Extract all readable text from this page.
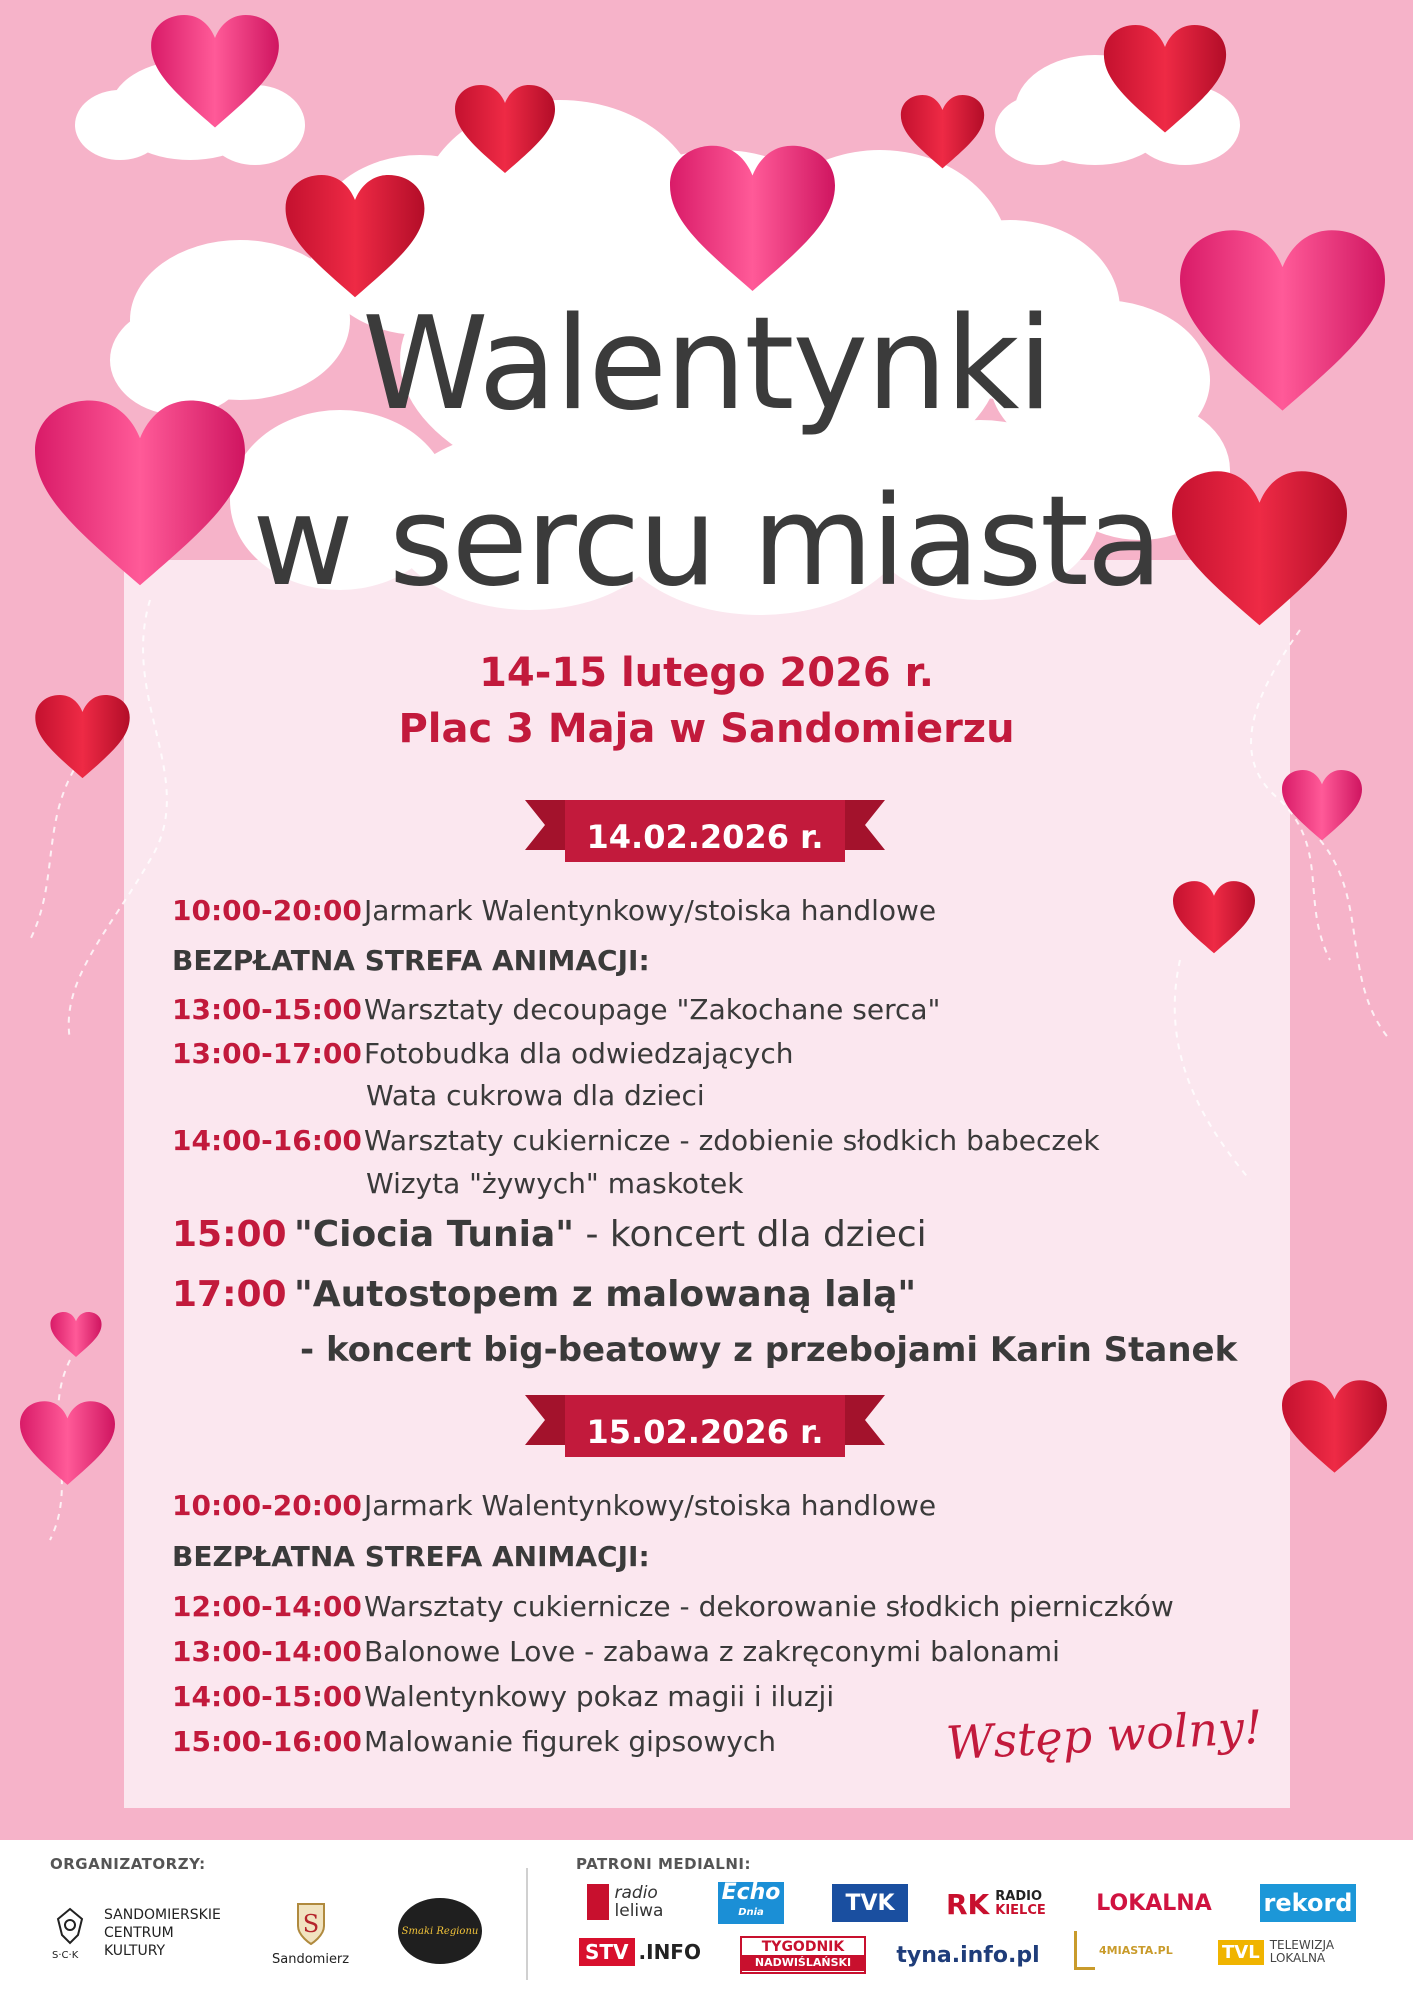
Walentynki
w sercu miasta
14-15 lutego 2026 r.
Plac 3 Maja w Sandomierzu
14.02.2026 r.
10:00-20:00Jarmark Walentynkowy/stoiska handlowe
BEZPŁATNA STREFA ANIMACJI:
13:00-15:00Warsztaty decoupage "Zakochane serca"
13:00-17:00Fotobudka dla odwiedzających
Wata cukrowa dla dzieci
14:00-16:00Warsztaty cukiernicze - zdobienie słodkich babeczek
Wizyta "żywych" maskotek
15:00 "Ciocia Tunia" - koncert dla dzieci
17:00 "Autostopem z malowaną lalą"
- koncert big-beatowy z przebojami Karin Stanek
15.02.2026 r.
10:00-20:00Jarmark Walentynkowy/stoiska handlowe
BEZPŁATNA STREFA ANIMACJI:
12:00-14:00Warsztaty cukiernicze - dekorowanie słodkich pierniczków
13:00-14:00Balonowe Love - zabawa z zakręconymi balonami
14:00-15:00Walentynkowy pokaz magii i iluzji
15:00-16:00Malowanie figurek gipsowych	Wstęp wolny!
ORGANIZATORZY:	PATRONI MEDIALNI:
S·C·K
SANDOMIERSKIE
CENTRUM
KULTURY
S
Sandomierz
Smaki Regionu
radio
leliwa
Echo
Dnia	TVK	RK RADIO
KIELCE	LOKALNA	rekord
STV .INFO	TYGODNIK
NADWIŚLAŃSKI	tyna.info.pl	4MIASTA.PL	TVL TELEWIZJA
LOKALNA
